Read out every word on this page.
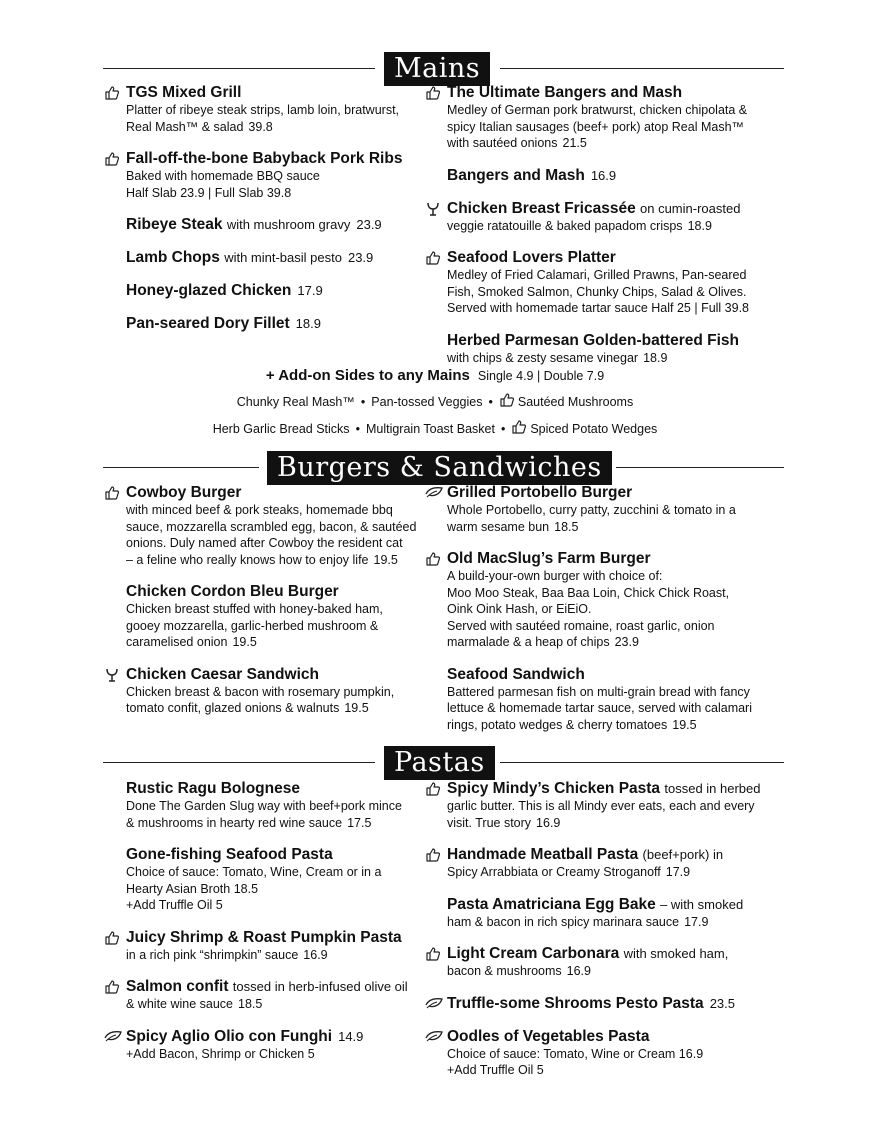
Mains
TGS Mixed Grill
Platter of ribeye steak strips, lamb loin, bratwurst,
Real Mash™ & salad 39.8
Fall-off-the-bone Babyback Pork Ribs
Baked with homemade BBQ sauce
Half Slab 23.9 | Full Slab 39.8
Ribeye Steak with mushroom gravy 23.9
Lamb Chops with mint-basil pesto 23.9
Honey-glazed Chicken 17.9
Pan-seared Dory Fillet 18.9
The Ultimate Bangers and Mash
Medley of German pork bratwurst, chicken chipolata &
spicy Italian sausages (beef+ pork) atop Real Mash™
with sautéed onions 21.5
Bangers and Mash 16.9
Chicken Breast Fricassée on cumin-roasted
veggie ratatouille & baked papadom crisps 18.9
Seafood Lovers Platter
Medley of Fried Calamari, Grilled Prawns, Pan-seared
Fish, Smoked Salmon, Chunky Chips, Salad & Olives.
Served with homemade tartar sauce Half 25 | Full 39.8
Herbed Parmesan Golden-battered Fish
with chips & zesty sesame vinegar 18.9
+ Add-on Sides to any Mains Single 4.9 | Double 7.9
Chunky Real Mash™ • Pan-tossed Veggies • Sautéed Mushrooms
Herb Garlic Bread Sticks • Multigrain Toast Basket • Spiced Potato Wedges
Burgers & Sandwiches
Cowboy Burger
with minced beef & pork steaks, homemade bbq
sauce, mozzarella scrambled egg, bacon, & sautéed
onions. Duly named after Cowboy the resident cat
– a feline who really knows how to enjoy life 19.5
Chicken Cordon Bleu Burger
Chicken breast stuffed with honey-baked ham,
gooey mozzarella, garlic-herbed mushroom &
caramelised onion 19.5
Chicken Caesar Sandwich
Chicken breast & bacon with rosemary pumpkin,
tomato confit, glazed onions & walnuts 19.5
Grilled Portobello Burger
Whole Portobello, curry patty, zucchini & tomato in a
warm sesame bun 18.5
Old MacSlug’s Farm Burger
A build-your-own burger with choice of:
Moo Moo Steak, Baa Baa Loin, Chick Chick Roast,
Oink Oink Hash, or EiEiO.
Served with sautéed romaine, roast garlic, onion
marmalade & a heap of chips 23.9
Seafood Sandwich
Battered parmesan fish on multi-grain bread with fancy
lettuce & homemade tartar sauce, served with calamari
rings, potato wedges & cherry tomatoes 19.5
Pastas
Rustic Ragu Bolognese
Done The Garden Slug way with beef+pork mince
& mushrooms in hearty red wine sauce 17.5
Gone-fishing Seafood Pasta
Choice of sauce: Tomato, Wine, Cream or in a
Hearty Asian Broth 18.5
+Add Truffle Oil 5
Juicy Shrimp & Roast Pumpkin Pasta
in a rich pink “shrimpkin” sauce 16.9
Salmon confit tossed in herb-infused olive oil
& white wine sauce 18.5
Spicy Aglio Olio con Funghi 14.9
+Add Bacon, Shrimp or Chicken 5
Spicy Mindy’s Chicken Pasta tossed in herbed
garlic butter. This is all Mindy ever eats, each and every
visit. True story 16.9
Handmade Meatball Pasta (beef+pork) in
Spicy Arrabbiata or Creamy Stroganoff 17.9
Pasta Amatriciana Egg Bake – with smoked
ham & bacon in rich spicy marinara sauce 17.9
Light Cream Carbonara with smoked ham,
bacon & mushrooms 16.9
Truffle-some Shrooms Pesto Pasta 23.5
Oodles of Vegetables Pasta
Choice of sauce: Tomato, Wine or Cream 16.9
+Add Truffle Oil 5
